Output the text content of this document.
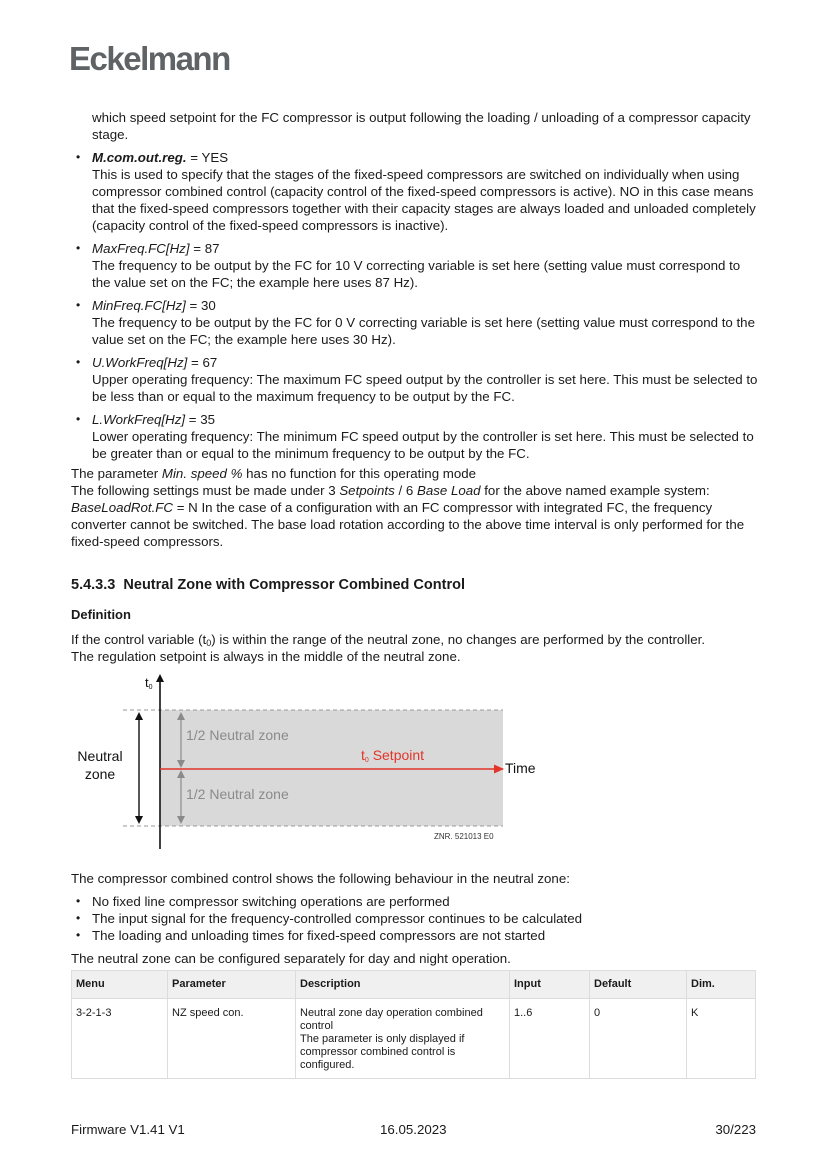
Eckelmann

which speed setpoint for the FC compressor is output following the loading / unloading of a compressor capacity stage.

• M.com.out.reg. = YES
This is used to specify that the stages of the fixed-speed compressors are switched on individually when using compressor combined control (capacity control of the fixed-speed compressors is active). NO in this case means that the fixed-speed compressors together with their capacity stages are always loaded and unloaded completely (capacity control of the fixed-speed compressors is inactive).
• MaxFreq.FC[Hz] = 87
The frequency to be output by the FC for 10 V correcting variable is set here (setting value must correspond to the value set on the FC; the example here uses 87 Hz).
• MinFreq.FC[Hz] = 30
The frequency to be output by the FC for 0 V correcting variable is set here (setting value must correspond to the value set on the FC; the example here uses 30 Hz).
• U.WorkFreq[Hz] = 67
Upper operating frequency: The maximum FC speed output by the controller is set here. This must be selected to be less than or equal to the maximum frequency to be output by the FC.
• L.WorkFreq[Hz] = 35
Lower operating frequency: The minimum FC speed output by the controller is set here. This must be selected to be greater than or equal to the minimum frequency to be output by the FC.

The parameter Min. speed % has no function for this operating mode

The following settings must be made under 3 Setpoints / 6 Base Load for the above named example system:
BaseLoadRot.FC = N In the case of a configuration with an FC compressor with integrated FC, the frequency converter cannot be switched. The base load rotation according to the above time interval is only performed for the fixed-speed compressors.

5.4.3.3 Neutral Zone with Compressor Combined Control
Definition

If the control variable $(t_0)$ is within the range of the neutral zone, no changes are performed by the controller.
The regulation setpoint is always in the middle of the neutral zone.

$t_0$
Neutral
zone
1/2 Neutral zone
1/2 Neutral zone
$t_0$ Setpoint
Time
ZNR. 521013 E0

The compressor combined control shows the following behaviour in the neutral zone:

• No fixed line compressor switching operations are performed
• The input signal for the frequency-controlled compressor continues to be calculated
• The loading and unloading times for fixed-speed compressors are not started

The neutral zone can be configured separately for day and night operation.

Menu	Parameter	Description	Input	Default	Dim.
3-2-1-3	NZ speed con.	Neutral zone day operation combined control
The parameter is only displayed if compressor combined control is configured.	1..6	0	K
Firmware V1.41 V1	16.05.2023	30/223
